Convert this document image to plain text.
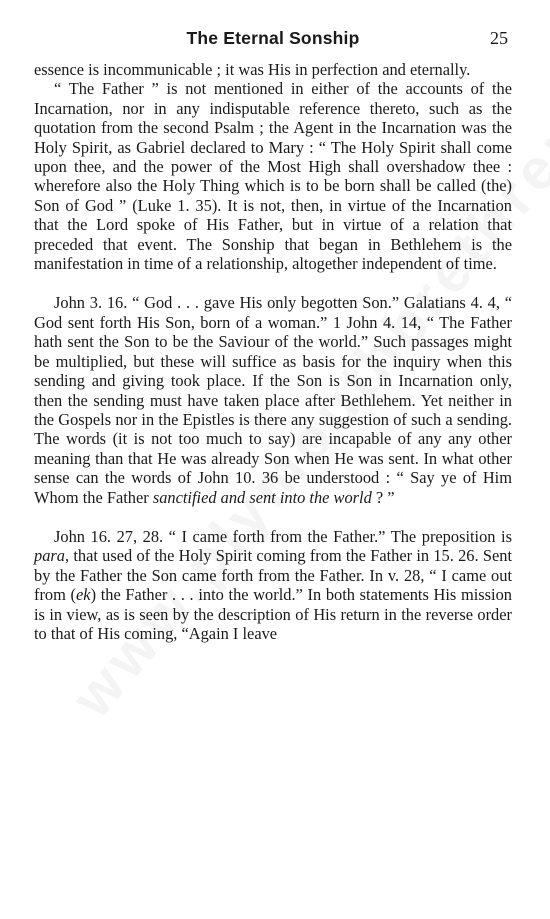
The Eternal Sonship	25

essence is incommunicable ; it was His in perfection and eternally.

“ The Father ” is not mentioned in either of the accounts of the Incarnation, nor in any indisputable reference thereto, such as the quotation from the second Psalm ; the Agent in the Incarnation was the Holy Spirit, as Gabriel declared to Mary : “ The Holy Spirit shall come upon thee, and the power of the Most High shall overshadow thee : wherefore also the Holy Thing which is to be born shall be called (the) Son of God ” (Luke 1. 35). It is not, then, in virtue of the Incarnation that the Lord spoke of His Father, but in virtue of a relation that preceded that event. The Sonship that began in Bethlehem is the manifestation in time of a relationship, altogether independent of time.

John 3. 16. “ God . . . gave His only begotten Son.” Galatians 4. 4, “ God sent forth His Son, born of a woman.” 1 John 4. 14, “ The Father hath sent the Son to be the Saviour of the world.” Such passages might be multiplied, but these will suffice as basis for the inquiry when this sending and giving took place. If the Son is Son in Incarnation only, then the sending must have taken place after Bethlehem. Yet neither in the Gospels nor in the Epistles is there any suggestion of such a sending. The words (it is not too much to say) are incapable of any any other meaning than that He was already Son when He was sent. In what other sense can the words of John 10. 36 be understood : “ Say ye of Him Whom the Father sanctified and sent into the world ? ”

John 16. 27, 28. “ I came forth from the Father.” The preposition is para, that used of the Holy Spirit coming from the Father in 15. 26. Sent by the Father the Son came forth from the Father. In v. 28, “ I came out from (ek) the Father . . . into the world.” In both statements His mission is in view, as is seen by the description of His return in the reverse order to that of His coming, “Again I leave
